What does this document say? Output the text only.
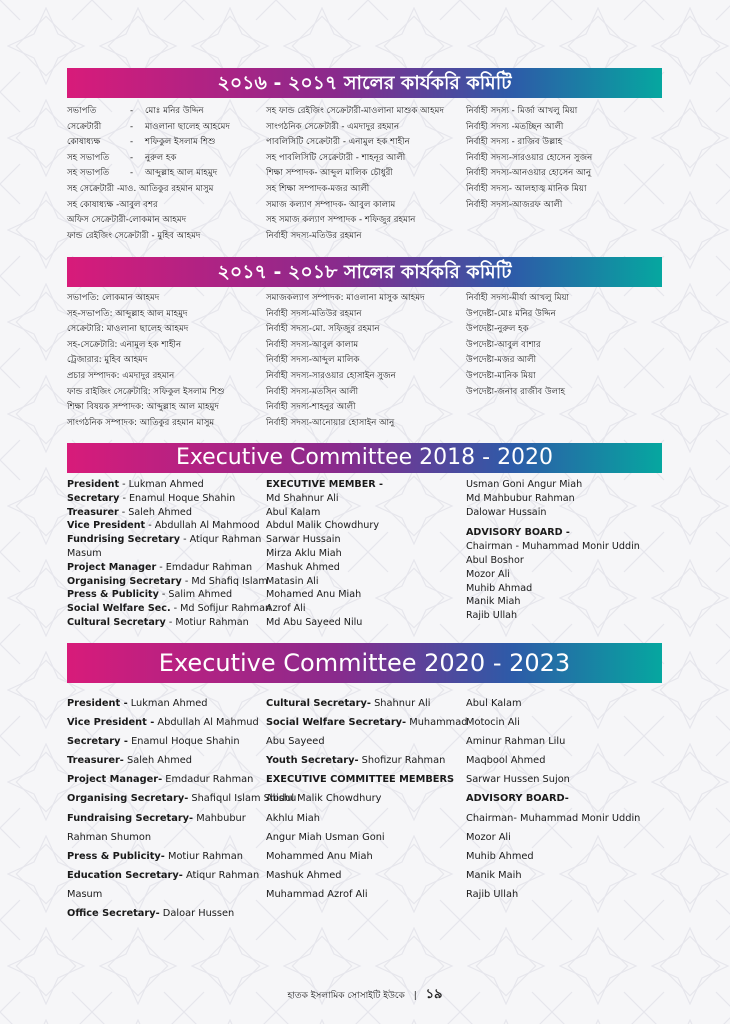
২০১৬ - ২০১৭ সালের কার্যকরি কমিটি
সভাপতি	-	মোঃ মনির উদ্দিন
সেক্রেটারী	-	মাওলানা ছালেহ আহমেদ
কোষাধ্যক্ষ	-	শফিকুল ইসলাম শিশু
সহ সভাপতি	-	নুরুল হক
সহ সভাপতি	-	আব্দুল্লাহ আল মাহমুদ
সহ সেক্রেটারী -মাও. আতিকুর রহমান মাসুম
সহ কোষাধ্যক্ষ -আবুল বশর
অফিস সেক্রেটারী-লোকমান আহমদ
ফান্ড রেইজিং সেক্রেটারী - মুহিব আহমদ
সহ ফান্ড রেইজিং সেক্রেটারী-মাওলানা মাশুক আহমদ
সাংগঠনিক সেক্রেটারী - এমদাদুর রহমান
পাবলিসিটি সেক্রেটারী - এনামুল হক শাহীন
সহ পাবলিসিটি সেক্রেটারী - শাহনূর আলী
শিক্ষা সম্পাদক- আব্দুল মালিক চৌধুরী
সহ শিক্ষা সম্পাদক-মজর আলী
সমাজ কল্যাণ সম্পাদক- আবুল কালাম
সহ সমাজ কল্যাণ সম্পাদক - শফিজুর রহমান
নির্বাহী সদস্য-মতিউর রহমান
নির্বাহী সদস্য - মির্জা আখলু মিয়া
নির্বাহী সদস্য -মতচ্ছিন আলী
নির্বাহী সদস্য - রাজিব উল্লাহ
নির্বাহী সদস্য-সারওয়ার হোসেন সুজন
নির্বাহী সদস্য-আনওয়ার হোসেন আনু
নির্বাহী সদস্য- আলহাজ্ব মানিক মিয়া
নির্বাহী সদস্য-আজরফ আলী
২০১৭ - ২০১৮ সালের কার্যকরি কমিটি
সভাপতি: লোকমান আহমদ
সহ-সভাপতি: আব্দুল্লাহ আল মাহমুদ
সেক্রেটারি: মাওলানা ছালেহ আহমদ
সহ-সেক্রেটারি: এনামুল হক শাহীন
ট্রেজারার: মুহিব আহমদ
প্রচার সম্পাদক: এমদাদুর রহমান
ফান্ড রাইজিং সেক্রেটারি: সফিকুল ইসলাম শিশু
শিক্ষা বিষয়ক সম্পাদক: আব্দুল্লাহ আল মাহমুদ
সাংগঠনিক সম্পাদক: আতিকুর রহমান মাসুম
সমাজকল্যাণ সম্পাদক: মাওলানা মাসুক আহমদ
নির্বাহী সদস্য-মতিউর রহমান
নির্বাহী সদস্য-মো. সফিজুর রহমান
নির্বাহী সদস্য-আবুল কালাম
নির্বাহী সদস্য-আব্দুল মালিক
নির্বাহী সদস্য-সারওয়ার হোসাইন সুজন
নির্বাহী সদস্য-মতসিন আলী
নির্বাহী সদস্য-শাহনুর আলী
নির্বাহী সদস্য-আনোয়ার হোসাইন আনু
নির্বাহী সদস্য-মীর্যা আখলু মিয়া
উপদেষ্টা-মোঃ মনির উদ্দিন
উপদেষ্টা-নুরুল হক
উপদেষ্টা-আবুল বাশার
উপদেষ্টা-মজর আলী
উপদেষ্টা-মানিক মিয়া
উপদেষ্টা-জনাব রাজীব উলাহ
Executive Committee 2018 - 2020
President - Lukman Ahmed
Secretary - Enamul Hoque Shahin
Treasurer - Saleh Ahmed
Vice President - Abdullah Al Mahmood
Fundrising Secretary - Atiqur Rahman
Masum
Project Manager - Emdadur Rahman
Organising Secretary - Md Shafiq Islam
Press & Publicity - Salim Ahmed
Social Welfare Sec. - Md Sofijur Rahman
Cultural Secretary - Motiur Rahman
EXECUTIVE MEMBER -
Md Shahnur Ali
Abul Kalam
Abdul Malik Chowdhury
Sarwar Hussain
Mirza Aklu Miah
Mashuk Ahmed
Matasin Ali
Mohamed Anu Miah
Azrof Ali
Md Abu Sayeed Nilu
Usman Goni Angur Miah
Md Mahbubur Rahman
Dalowar Hussain
ADVISORY BOARD -
Chairman - Muhammad Monir Uddin
Abul Boshor
Mozor Ali
Muhib Ahmad
Manik Miah
Rajib Ullah
Executive Committee 2020 - 2023
President - Lukman Ahmed
Vice President - Abdullah Al Mahmud
Secretary - Enamul Hoque Shahin
Treasurer- Saleh Ahmed
Project Manager- Emdadur Rahman
Organising Secretary- Shafiqul Islam Shishu
Fundraising Secretary- Mahbubur
Rahman Shumon
Press & Publicity- Motiur Rahman
Education Secretary- Atiqur Rahman
Masum
Office Secretary- Daloar Hussen
Cultural Secretary- Shahnur Ali
Social Welfare Secretary- Muhammad
Abu Sayeed
Youth Secretary- Shofizur Rahman
EXECUTIVE COMMITTEE MEMBERS
Abdul Malik Chowdhury
Akhlu Miah
Angur Miah Usman Goni
Mohammed Anu Miah
Mashuk Ahmed
Muhammad Azrof Ali
Abul Kalam
Motocin Ali
Aminur Rahman Lilu
Maqbool Ahmed
Sarwar Hussen Sujon
ADVISORY BOARD-
Chairman- Muhammad Monir Uddin
Mozor Ali
Muhib Ahmed
Manik Maih
Rajib Ullah
হাতক ইসলামিক সোসাইটি ইউকে | ১৯
